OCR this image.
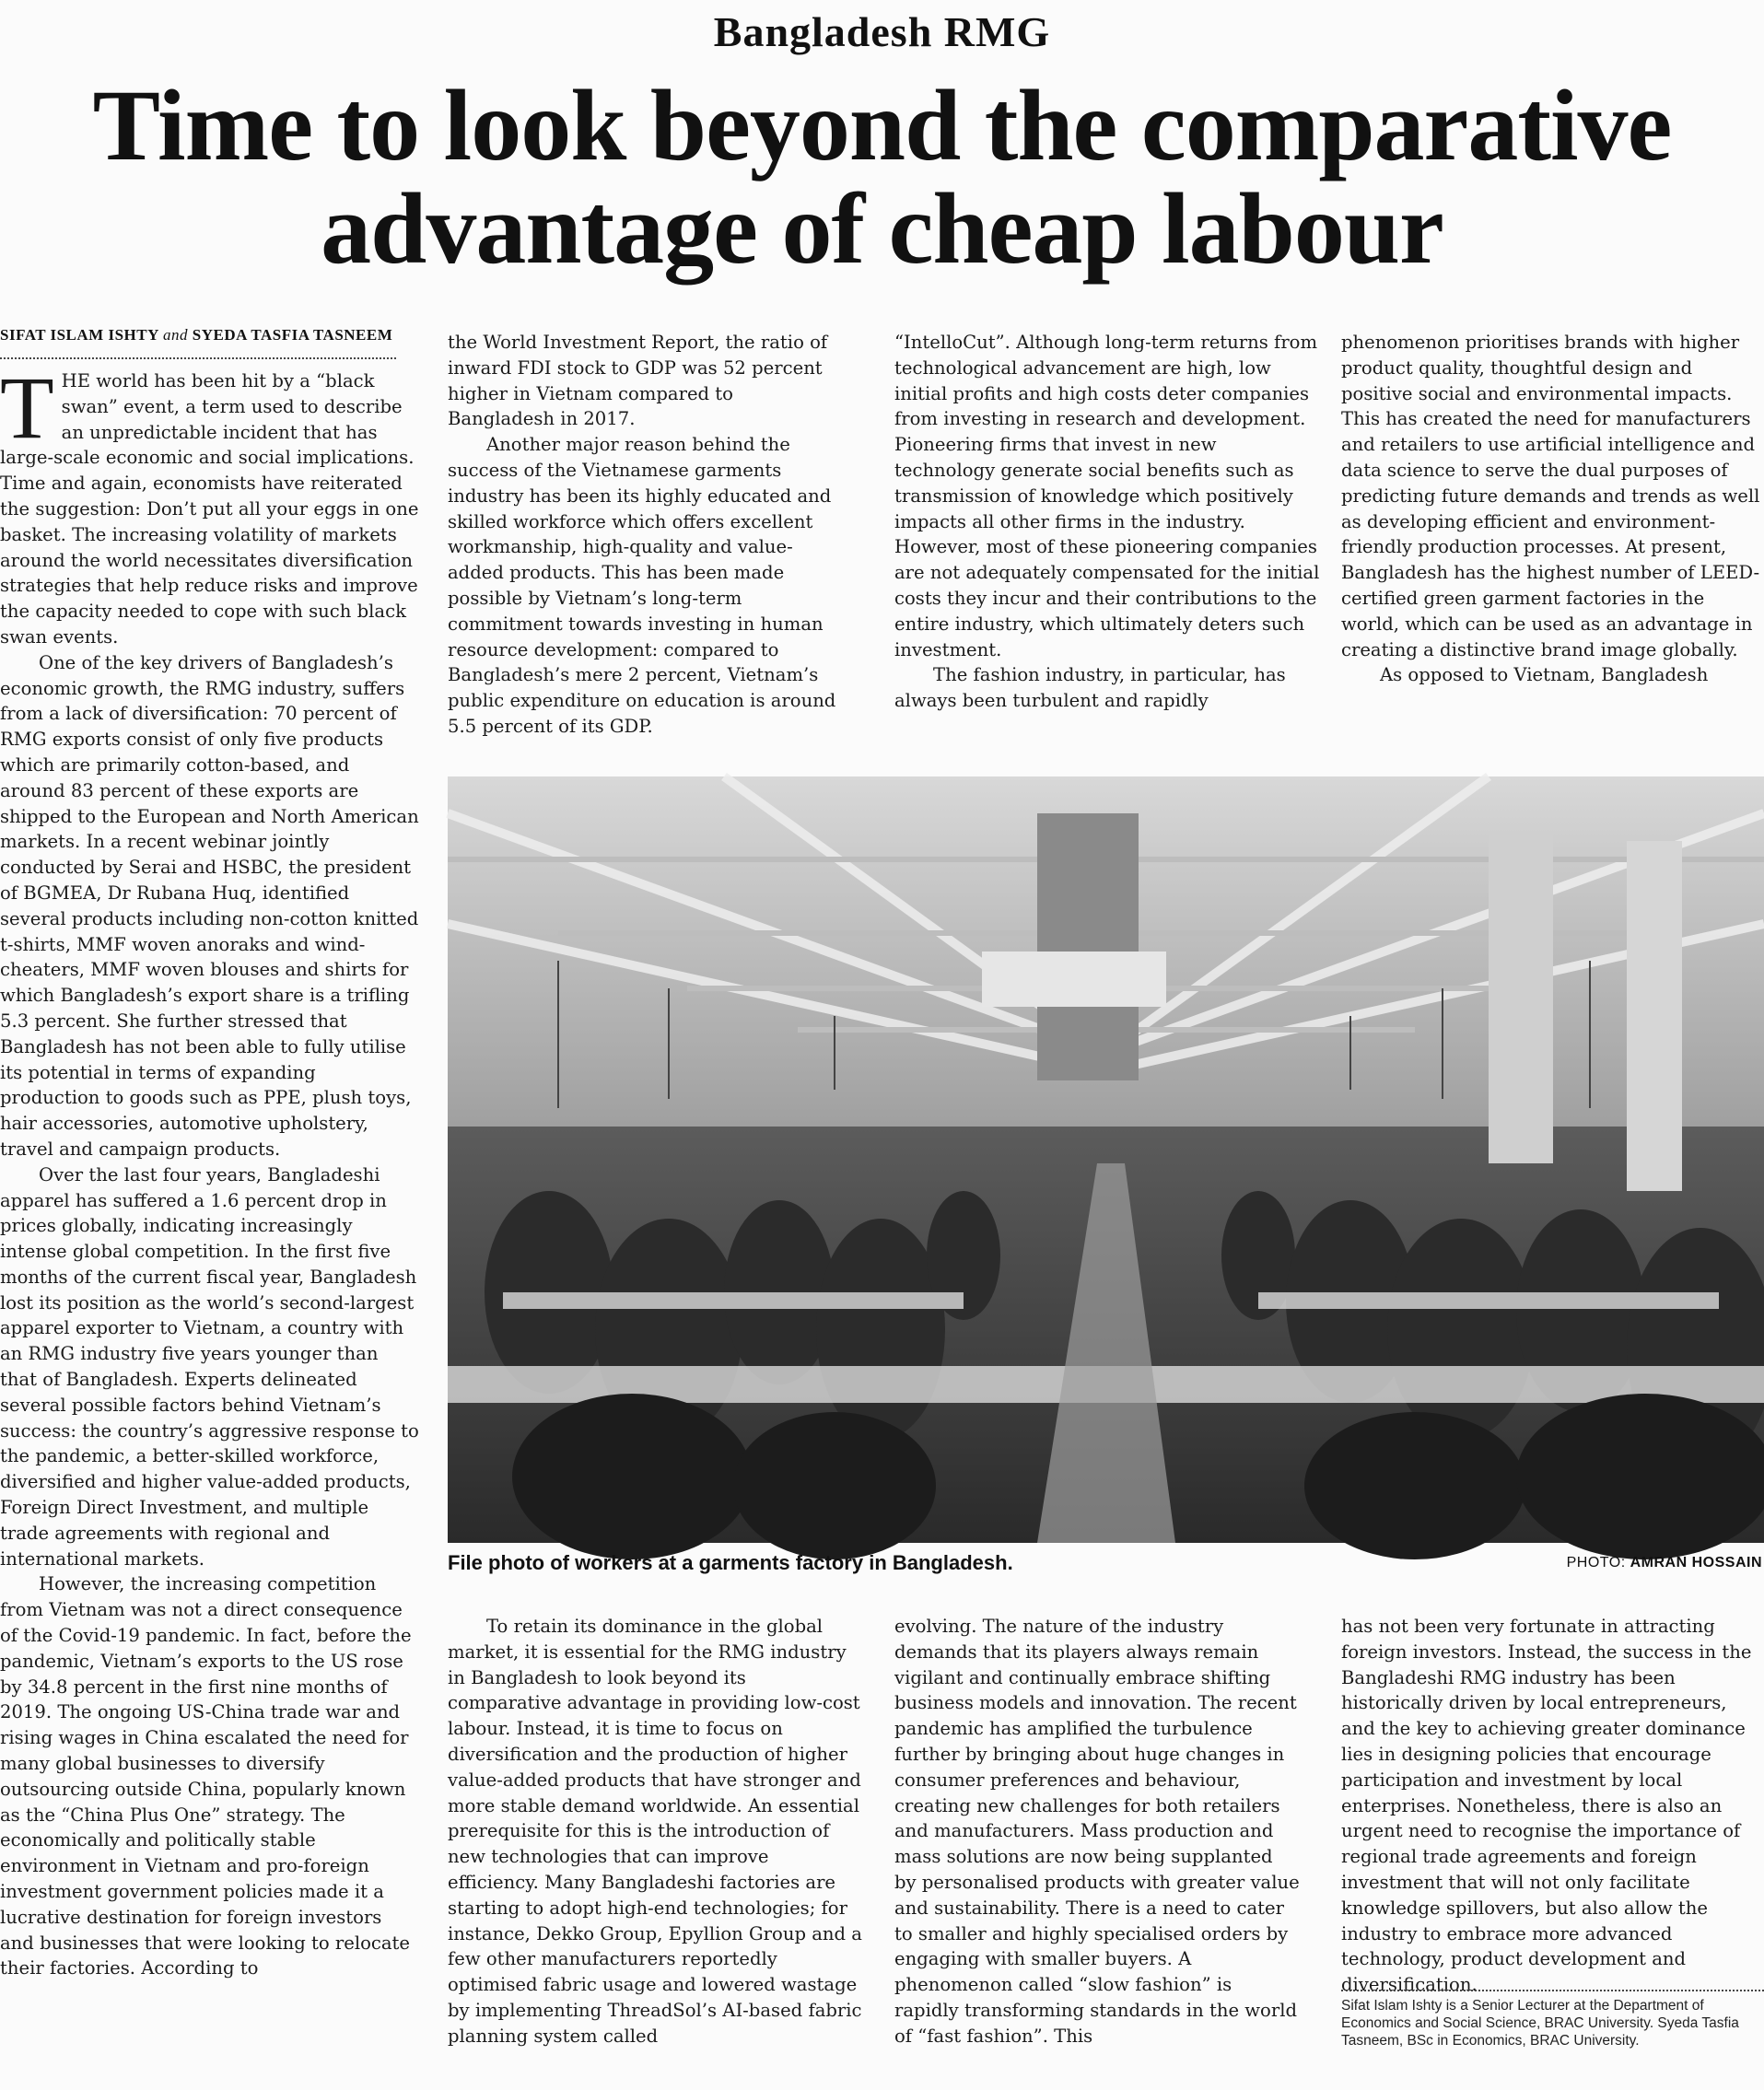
Bangladesh RMG
Time to look beyond the comparative
advantage of cheap labour
SIFAT ISLAM ISHTY and SYEDA TASFIA TASNEEM

THE world has been hit by a “black swan” event, a term used to describe an unpredictable incident that has large-scale economic and social implications. Time and again, economists have reiterated the suggestion: Don’t put all your eggs in one basket. The increasing volatility of markets around the world necessitates diversification strategies that help reduce risks and improve the capacity needed to cope with such black swan events.

One of the key drivers of Bangladesh’s economic growth, the RMG industry, suffers from a lack of diversification: 70 percent of RMG exports consist of only five products which are primarily cotton-based, and around 83 percent of these exports are shipped to the European and North American markets. In a recent webinar jointly conducted by Serai and HSBC, the president of BGMEA, Dr Rubana Huq, identified several products including non-cotton knitted t-shirts, MMF woven anoraks and wind-cheaters, MMF woven blouses and shirts for which Bangladesh’s export share is a trifling 5.3 percent. She further stressed that Bangladesh has not been able to fully utilise its potential in terms of expanding production to goods such as PPE, plush toys, hair accessories, automotive upholstery, travel and campaign products.

Over the last four years, Bangladeshi apparel has suffered a 1.6 percent drop in prices globally, indicating increasingly intense global competition. In the first five months of the current fiscal year, Bangladesh lost its position as the world’s second-largest apparel exporter to Vietnam, a country with an RMG industry five years younger than that of Bangladesh. Experts delineated several possible factors behind Vietnam’s success: the country’s aggressive response to the pandemic, a better-skilled workforce, diversified and higher value-added products, Foreign Direct Investment, and multiple trade agreements with regional and international markets.

However, the increasing competition from Vietnam was not a direct consequence of the Covid-19 pandemic. In fact, before the pandemic, Vietnam’s exports to the US rose by 34.8 percent in the first nine months of 2019. The ongoing US-China trade war and rising wages in China escalated the need for many global businesses to diversify outsourcing outside China, popularly known as the “China Plus One” strategy. The economically and politically stable environment in Vietnam and pro-foreign investment government policies made it a lucrative destination for foreign investors and businesses that were looking to relocate their factories. According to

the World Investment Report, the ratio of inward FDI stock to GDP was 52 percent higher in Vietnam compared to Bangladesh in 2017.

Another major reason behind the success of the Vietnamese garments industry has been its highly educated and skilled workforce which offers excellent workmanship, high-quality and value-added products. This has been made possible by Vietnam’s long-term commitment towards investing in human resource development: compared to Bangladesh’s mere 2 percent, Vietnam’s public expenditure on education is around 5.5 percent of its GDP.

“IntelloCut”. Although long-term returns from technological advancement are high, low initial profits and high costs deter companies from investing in research and development. Pioneering firms that invest in new technology generate social benefits such as transmission of knowledge which positively impacts all other firms in the industry. However, most of these pioneering companies are not adequately compensated for the initial costs they incur and their contributions to the entire industry, which ultimately deters such investment.

The fashion industry, in particular, has always been turbulent and rapidly

phenomenon prioritises brands with higher product quality, thoughtful design and positive social and environmental impacts. This has created the need for manufacturers and retailers to use artificial intelligence and data science to serve the dual purposes of predicting future demands and trends as well as developing efficient and environment-friendly production processes. At present, Bangladesh has the highest number of LEED-certified green garment factories in the world, which can be used as an advantage in creating a distinctive brand image globally.

As opposed to Vietnam, Bangladesh

File photo of workers at a garments factory in Bangladesh.	PHOTO: AMRAN HOSSAIN

To retain its dominance in the global market, it is essential for the RMG industry in Bangladesh to look beyond its comparative advantage in providing low-cost labour. Instead, it is time to focus on diversification and the production of higher value-added products that have stronger and more stable demand worldwide. An essential prerequisite for this is the introduction of new technologies that can improve efficiency. Many Bangladeshi factories are starting to adopt high-end technologies; for instance, Dekko Group, Epyllion Group and a few other manufacturers reportedly optimised fabric usage and lowered wastage by implementing ThreadSol’s AI-based fabric planning system called

evolving. The nature of the industry demands that its players always remain vigilant and continually embrace shifting business models and innovation. The recent pandemic has amplified the turbulence further by bringing about huge changes in consumer preferences and behaviour, creating new challenges for both retailers and manufacturers. Mass production and mass solutions are now being supplanted by personalised products with greater value and sustainability. There is a need to cater to smaller and highly specialised orders by engaging with smaller buyers. A phenomenon called “slow fashion” is rapidly transforming standards in the world of “fast fashion”. This

has not been very fortunate in attracting foreign investors. Instead, the success in the Bangladeshi RMG industry has been historically driven by local entrepreneurs, and the key to achieving greater dominance lies in designing policies that encourage participation and investment by local enterprises. Nonetheless, there is also an urgent need to recognise the importance of regional trade agreements and foreign investment that will not only facilitate knowledge spillovers, but also allow the industry to embrace more advanced technology, product development and diversification.

Sifat Islam Ishty is a Senior Lecturer at the Department of Economics and Social Science, BRAC University. Syeda Tasfia Tasneem, BSc in Economics, BRAC University.
